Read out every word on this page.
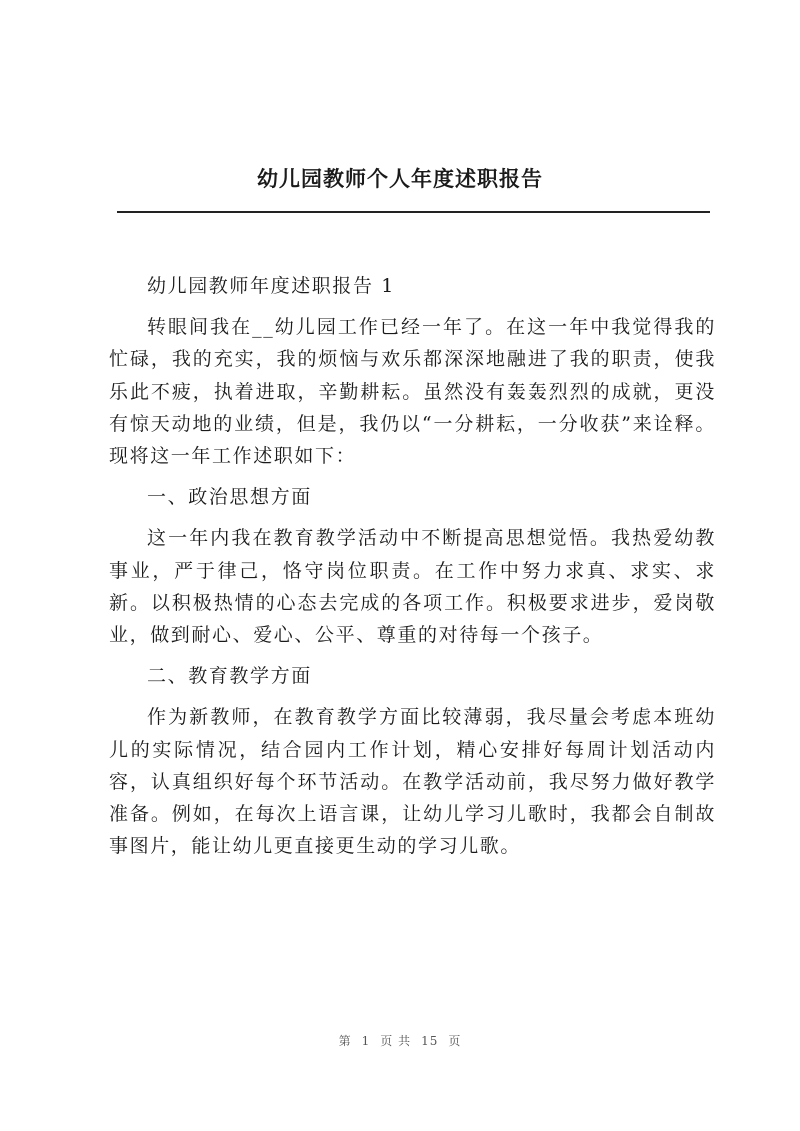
幼儿园教师个人年度述职报告

幼儿园教师年度述职报告 1

转眼间我在__幼儿园工作已经一年了。在这一年中我觉得我的忙碌，我的充实，我的烦恼与欢乐都深深地融进了我的职责，使我乐此不疲，执着进取，辛勤耕耘。虽然没有轰轰烈烈的成就，更没有惊天动地的业绩，但是，我仍以“一分耕耘，一分收获”来诠释。现将这一年工作述职如下：

一、政治思想方面

这一年内我在教育教学活动中不断提高思想觉悟。我热爱幼教事业，严于律己，恪守岗位职责。在工作中努力求真、求实、求新。以积极热情的心态去完成的各项工作。积极要求进步，爱岗敬业，做到耐心、爱心、公平、尊重的对待每一个孩子。

二、教育教学方面

作为新教师，在教育教学方面比较薄弱，我尽量会考虑本班幼儿的实际情况，结合园内工作计划，精心安排好每周计划活动内容，认真组织好每个环节活动。在教学活动前，我尽努力做好教学准备。例如，在每次上语言课，让幼儿学习儿歌时，我都会自制故事图片，能让幼儿更直接更生动的学习儿歌。

第 1 页 共 15 页
